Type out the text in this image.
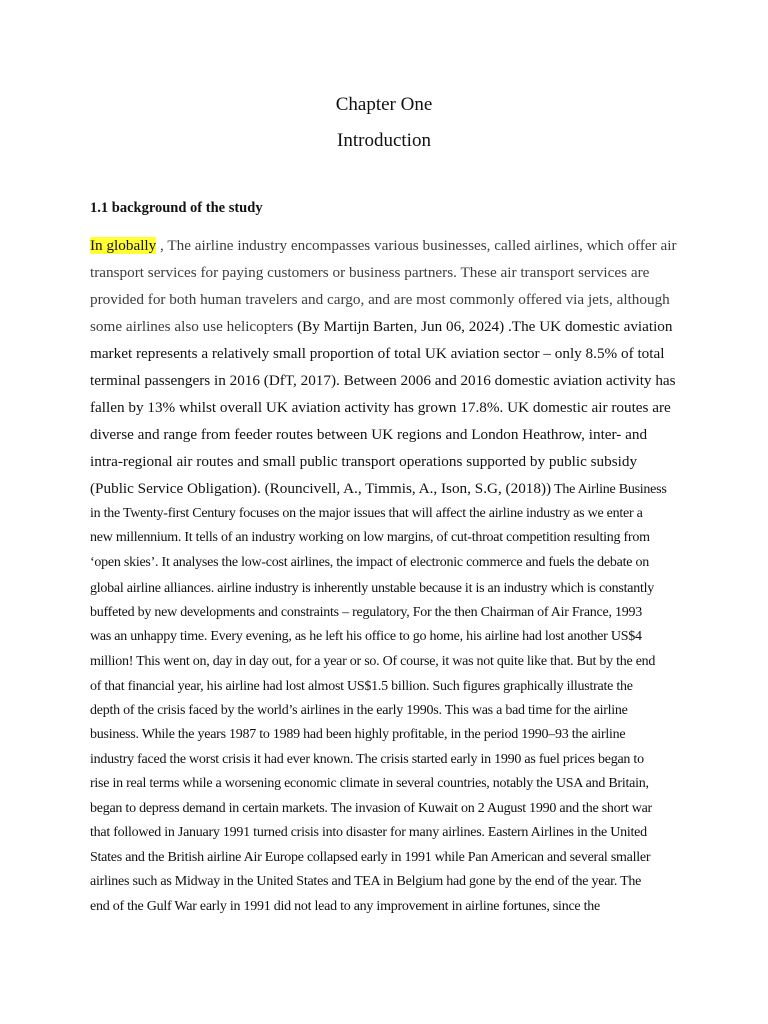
Chapter One
Introduction
1.1 background of the study
In globally , The airline industry encompasses various businesses, called airlines, which offer air
transport services for paying customers or business partners. These air transport services are
provided for both human travelers and cargo, and are most commonly offered via jets, although
some airlines also use helicopters (By Martijn Barten, Jun 06, 2024) .The UK domestic aviation
market represents a relatively small proportion of total UK aviation sector – only 8.5% of total
terminal passengers in 2016 (DfT, 2017). Between 2006 and 2016 domestic aviation activity has
fallen by 13% whilst overall UK aviation activity has grown 17.8%. UK domestic air routes are
diverse and range from feeder routes between UK regions and London Heathrow, inter- and
intra-regional air routes and small public transport operations supported by public subsidy
(Public Service Obligation). (Rouncivell, A., Timmis, A., Ison, S.G, (2018)) The Airline Business
in the Twenty-first Century focuses on the major issues that will affect the airline industry as we enter a
new millennium. It tells of an industry working on low margins, of cut-throat competition resulting from
‘open skies’. It analyses the low-cost airlines, the impact of electronic commerce and fuels the debate on
global airline alliances. airline industry is inherently unstable because it is an industry which is constantly
buffeted by new developments and constraints – regulatory, For the then Chairman of Air France, 1993
was an unhappy time. Every evening, as he left his office to go home, his airline had lost another US$4
million! This went on, day in day out, for a year or so. Of course, it was not quite like that. But by the end
of that financial year, his airline had lost almost US$1.5 billion. Such figures graphically illustrate the
depth of the crisis faced by the world’s airlines in the early 1990s. This was a bad time for the airline
business. While the years 1987 to 1989 had been highly profitable, in the period 1990–93 the airline
industry faced the worst crisis it had ever known. The crisis started early in 1990 as fuel prices began to
rise in real terms while a worsening economic climate in several countries, notably the USA and Britain,
began to depress demand in certain markets. The invasion of Kuwait on 2 August 1990 and the short war
that followed in January 1991 turned crisis into disaster for many airlines. Eastern Airlines in the United
States and the British airline Air Europe collapsed early in 1991 while Pan American and several smaller
airlines such as Midway in the United States and TEA in Belgium had gone by the end of the year. The
end of the Gulf War early in 1991 did not lead to any improvement in airline fortunes, since the
